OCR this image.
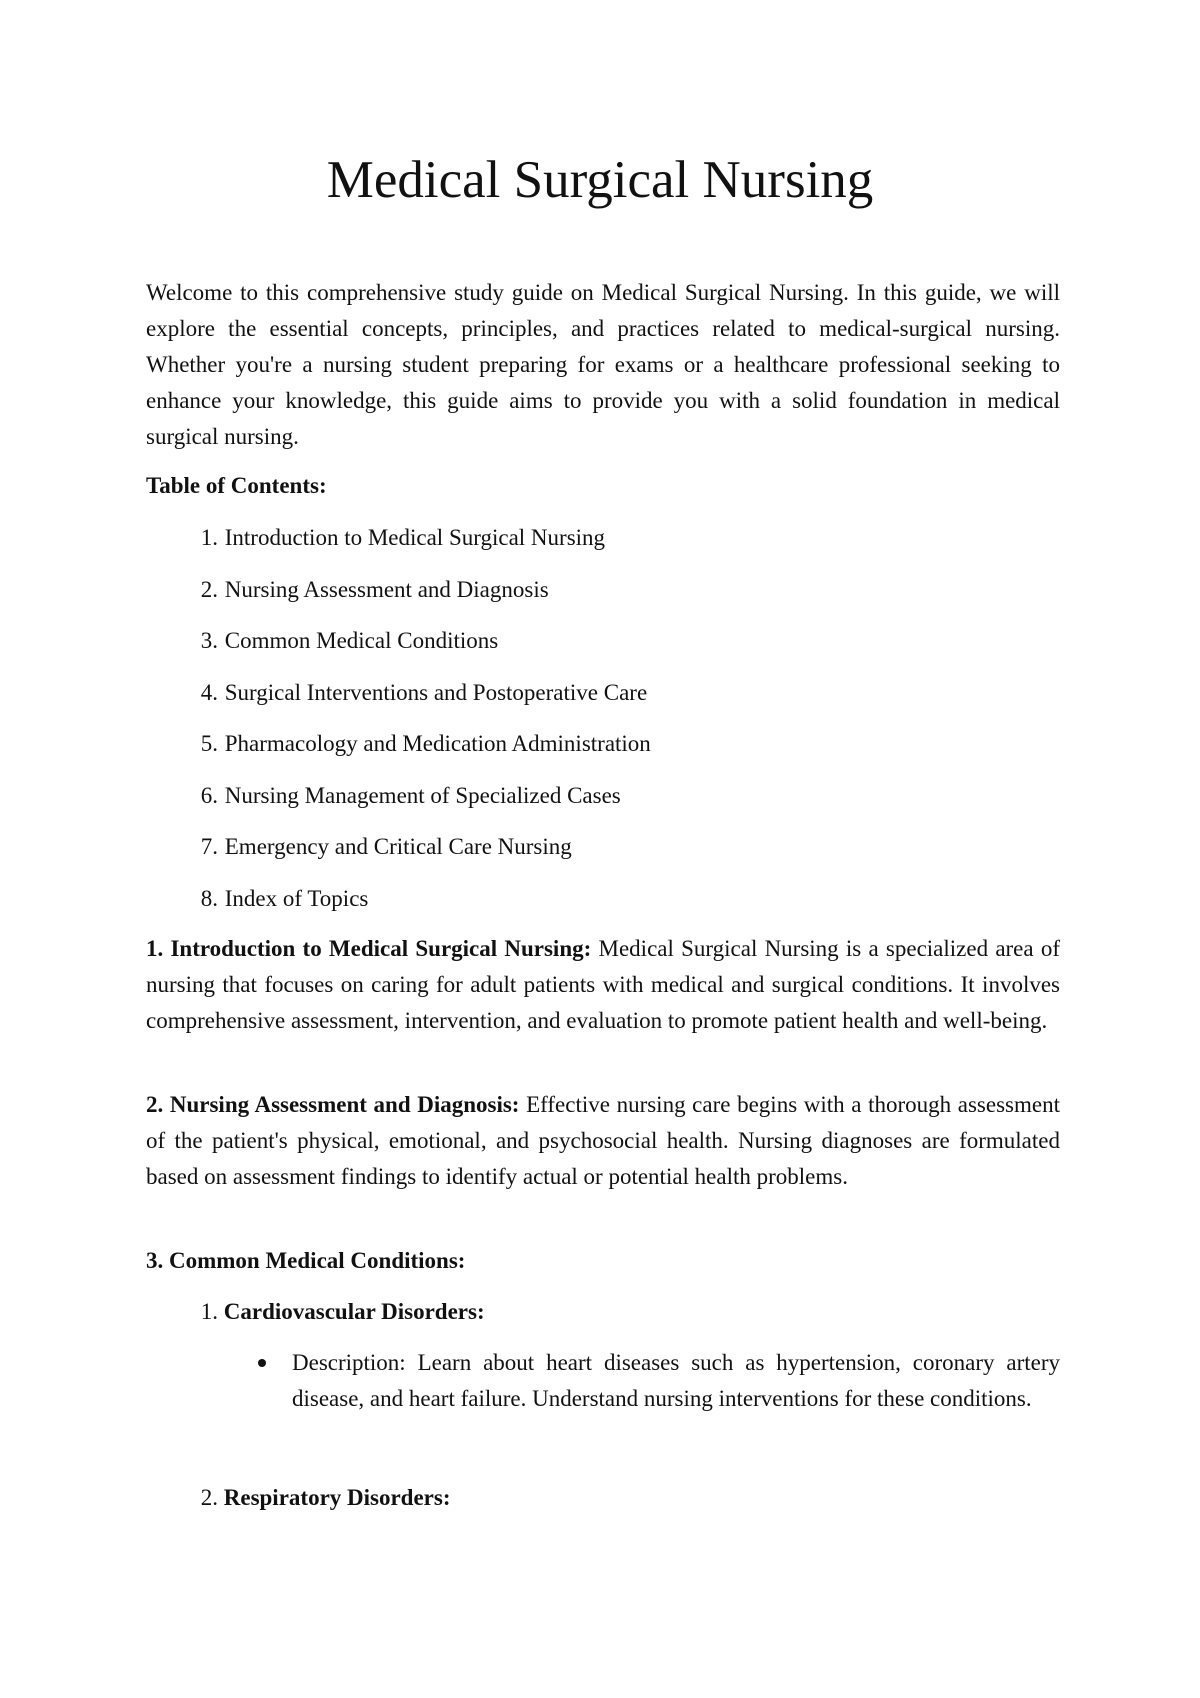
Medical Surgical Nursing

Welcome to this comprehensive study guide on Medical Surgical Nursing. In this guide, we will explore the essential concepts, principles, and practices related to medical-surgical nursing. Whether you're a nursing student preparing for exams or a healthcare professional seeking to enhance your knowledge, this guide aims to provide you with a solid foundation in medical surgical nursing.

Table of Contents:
1. Introduction to Medical Surgical Nursing
2. Nursing Assessment and Diagnosis
3. Common Medical Conditions
4. Surgical Interventions and Postoperative Care
5. Pharmacology and Medication Administration
6. Nursing Management of Specialized Cases
7. Emergency and Critical Care Nursing
8. Index of Topics

1. Introduction to Medical Surgical Nursing: Medical Surgical Nursing is a specialized area of nursing that focuses on caring for adult patients with medical and surgical conditions. It involves comprehensive assessment, intervention, and evaluation to promote patient health and well-being.

2. Nursing Assessment and Diagnosis: Effective nursing care begins with a thorough assessment of the patient's physical, emotional, and psychosocial health. Nursing diagnoses are formulated based on assessment findings to identify actual or potential health problems.

3. Common Medical Conditions:
1. Cardiovascular Disorders:
Description: Learn about heart diseases such as hypertension, coronary artery disease, and heart failure. Understand nursing interventions for these conditions.
2. Respiratory Disorders:
